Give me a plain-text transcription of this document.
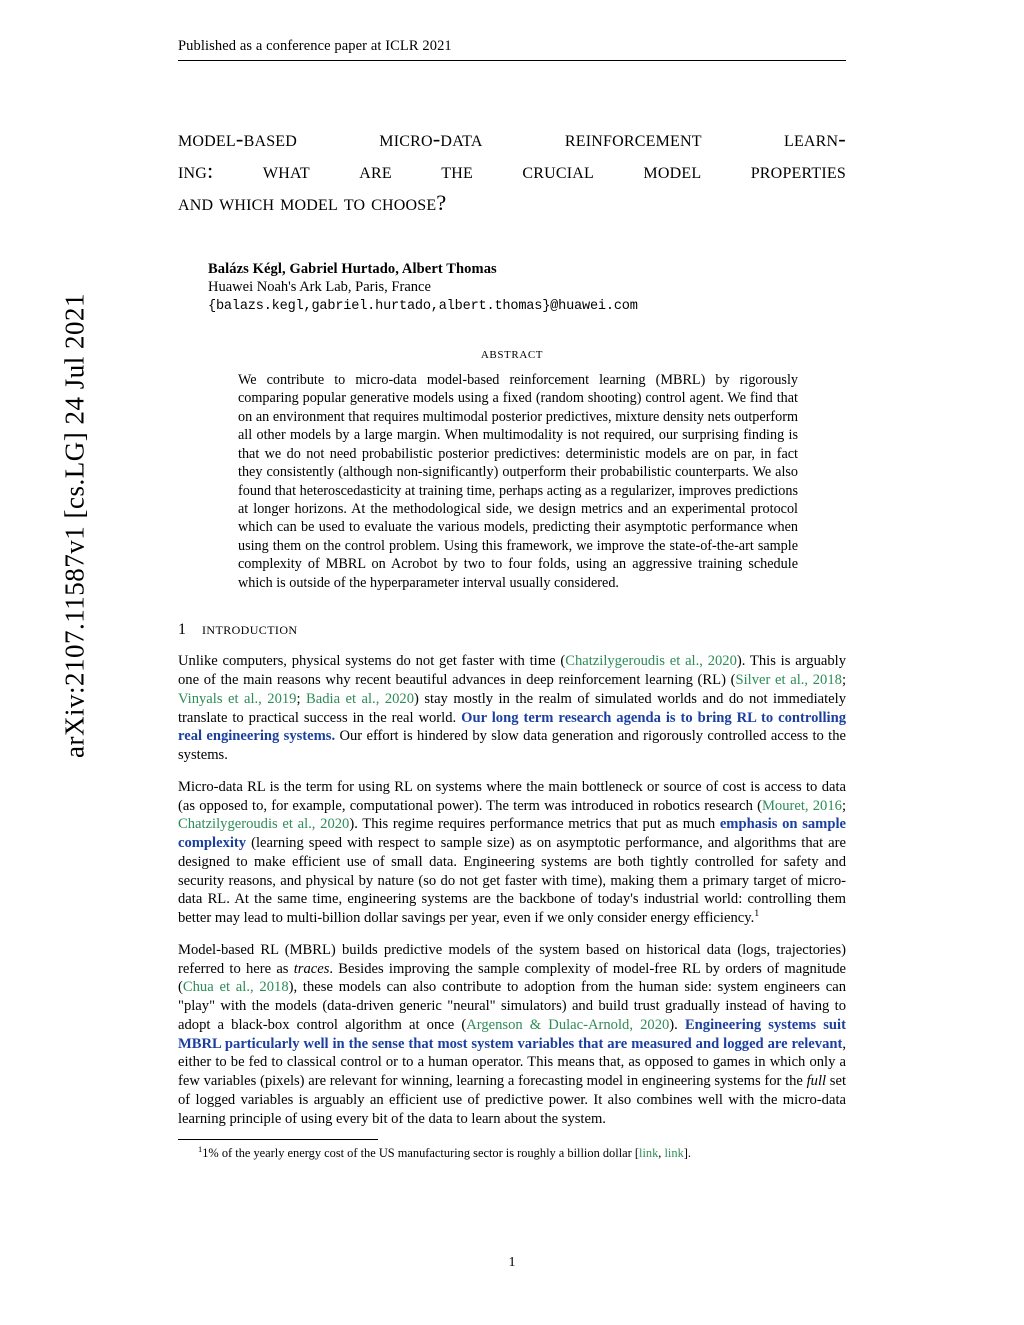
arXiv:2107.11587v1 [cs.LG] 24 Jul 2021
Published as a conference paper at ICLR 2021
model-based micro-data reinforcement learn-
ing: what are the crucial model properties
and which model to choose?
Balázs Kégl, Gabriel Hurtado, Albert Thomas
Huawei Noah's Ark Lab, Paris, France
{balazs.kegl,gabriel.hurtado,albert.thomas}@huawei.com
abstract
We contribute to micro-data model-based reinforcement learning (MBRL) by rigorously comparing popular generative models using a fixed (random shooting) control agent. We find that on an environment that requires multimodal posterior predictives, mixture density nets outperform all other models by a large margin. When multimodality is not required, our surprising finding is that we do not need probabilistic posterior predictives: deterministic models are on par, in fact they consistently (although non-significantly) outperform their probabilistic counterparts. We also found that heteroscedasticity at training time, perhaps acting as a regularizer, improves predictions at longer horizons. At the methodological side, we design metrics and an experimental protocol which can be used to evaluate the various models, predicting their asymptotic performance when using them on the control problem. Using this framework, we improve the state-of-the-art sample complexity of MBRL on Acrobot by two to four folds, using an aggressive training schedule which is outside of the hyperparameter interval usually considered.
1 introduction

Unlike computers, physical systems do not get faster with time (Chatzilygeroudis et al., 2020). This is arguably one of the main reasons why recent beautiful advances in deep reinforcement learning (RL) (Silver et al., 2018; Vinyals et al., 2019; Badia et al., 2020) stay mostly in the realm of simulated worlds and do not immediately translate to practical success in the real world. Our long term research agenda is to bring RL to controlling real engineering systems. Our effort is hindered by slow data generation and rigorously controlled access to the systems.

Micro-data RL is the term for using RL on systems where the main bottleneck or source of cost is access to data (as opposed to, for example, computational power). The term was introduced in robotics research (Mouret, 2016; Chatzilygeroudis et al., 2020). This regime requires performance metrics that put as much emphasis on sample complexity (learning speed with respect to sample size) as on asymptotic performance, and algorithms that are designed to make efficient use of small data. Engineering systems are both tightly controlled for safety and security reasons, and physical by nature (so do not get faster with time), making them a primary target of micro-data RL. At the same time, engineering systems are the backbone of today's industrial world: controlling them better may lead to multi-billion dollar savings per year, even if we only consider energy efficiency.$^1$

Model-based RL (MBRL) builds predictive models of the system based on historical data (logs, trajectories) referred to here as traces. Besides improving the sample complexity of model-free RL by orders of magnitude (Chua et al., 2018), these models can also contribute to adoption from the human side: system engineers can "play" with the models (data-driven generic "neural" simulators) and build trust gradually instead of having to adopt a black-box control algorithm at once (Argenson & Dulac-Arnold, 2020). Engineering systems suit MBRL particularly well in the sense that most system variables that are measured and logged are relevant, either to be fed to classical control or to a human operator. This means that, as opposed to games in which only a few variables (pixels) are relevant for winning, learning a forecasting model in engineering systems for the full set of logged variables is arguably an efficient use of predictive power. It also combines well with the micro-data learning principle of using every bit of the data to learn about the system.

$^1$1% of the yearly energy cost of the US manufacturing sector is roughly a billion dollar [link, link].
1
